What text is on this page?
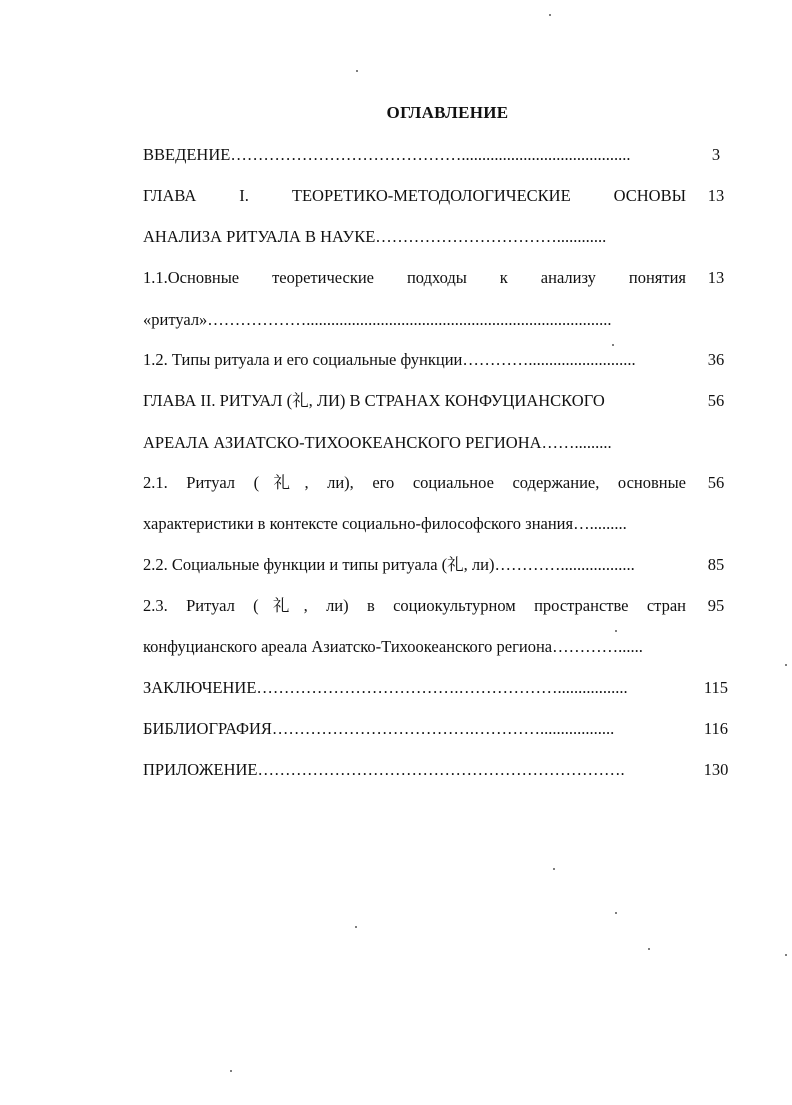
ОГЛАВЛЕНИЕ
ВВЕДЕНИЕ…………………………………….........................................	3
ГЛАВА I. ТЕОРЕТИКО-МЕТОДОЛОГИЧЕСКИЕ ОСНОВЫ	13
АНАЛИЗА РИТУАЛА В НАУКЕ……………………………............
1.1.Основные теоретические подходы к анализу понятия	13
«ритуал»………………..........................................................................
1.2. Типы ритуала и его социальные функции…………..........................	36
ГЛАВА II. РИТУАЛ (礼, ЛИ) В СТРАНАХ КОНФУЦИАНСКОГО	56
АРЕАЛА АЗИАТСКО-ТИХООКЕАНСКОГО РЕГИОНА…….........
2.1. Ритуал (礼, ли), его социальное содержание, основные	56
характеристики в контексте социально-философского знания….........
2.2. Социальные функции и типы ритуала (礼, ли)…………..................	85
2.3. Ритуал (礼, ли) в социокультурном пространстве стран	95
конфуцианского ареала Азиатско-Тихоокеанского региона…………......
ЗАКЛЮЧЕНИЕ……………………………….……………….................	115
БИБЛИОГРАФИЯ……………………………….…………..................	116
ПРИЛОЖЕНИЕ………………………………………………………….	130
